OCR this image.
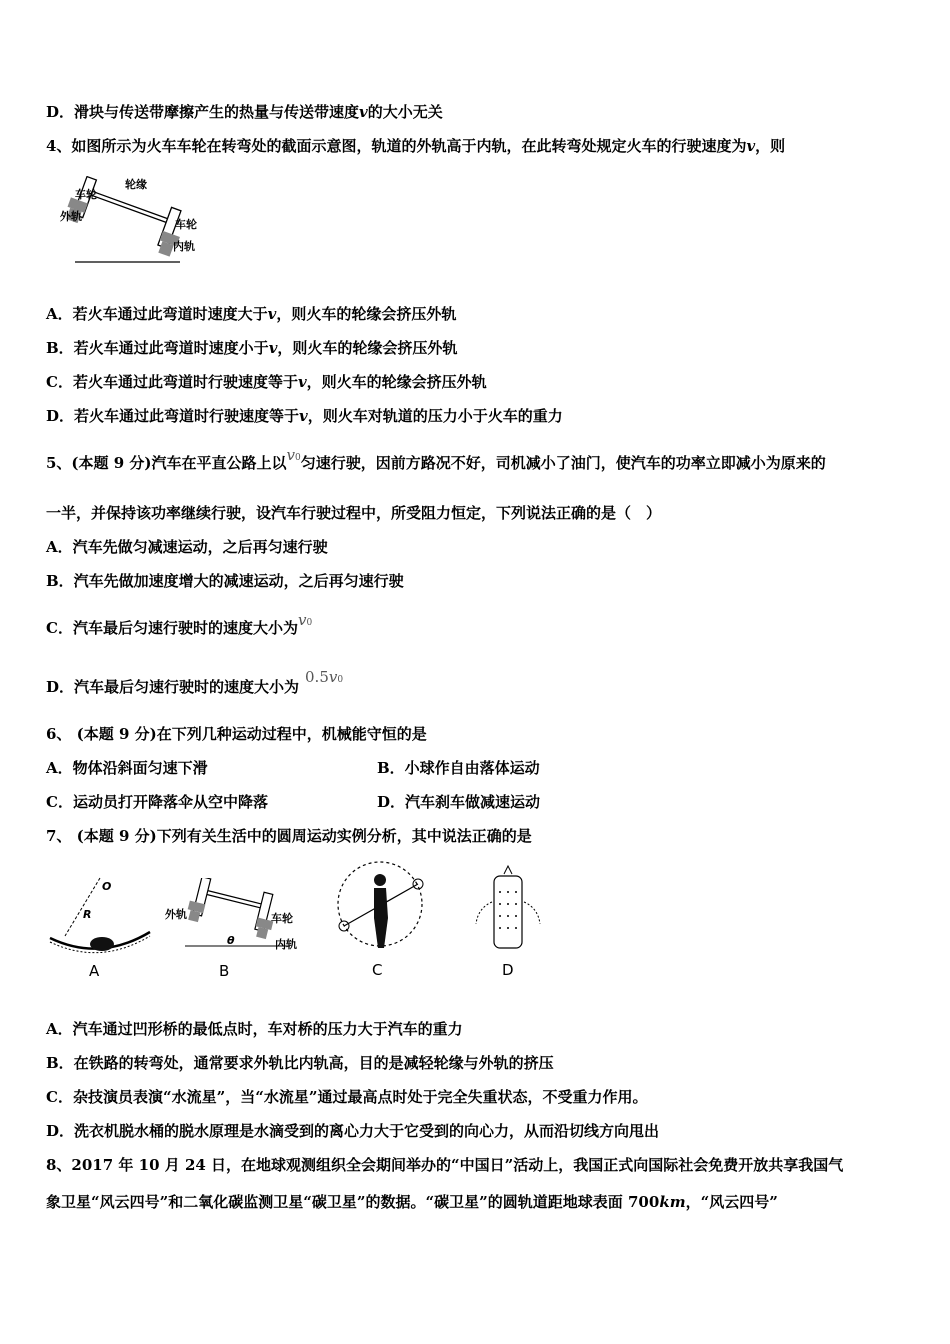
D．滑块与传送带摩擦产生的热量与传送带速度v的大小无关
4、如图所示为火车车轮在转弯处的截面示意图，轨道的外轨高于内轨，在此转弯处规定火车的行驶速度为v，则
车轮
轮缘
外轨
车轮
内轨
A．若火车通过此弯道时速度大于v，则火车的轮缘会挤压外轨
B．若火车通过此弯道时速度小于v，则火车的轮缘会挤压外轨
C．若火车通过此弯道时行驶速度等于v，则火车的轮缘会挤压外轨
D．若火车通过此弯道时行驶速度等于v，则火车对轨道的压力小于火车的重力
5、(本题 9 分)汽车在平直公路上以v0匀速行驶，因前方路况不好，司机减小了油门，使汽车的功率立即减小为原来的
一半，并保持该功率继续行驶，设汽车行驶过程中，所受阻力恒定，下列说法正确的是（　）
A．汽车先做匀减速运动，之后再匀速行驶
B．汽车先做加速度增大的减速运动，之后再匀速行驶
C．汽车最后匀速行驶时的速度大小为v0
D．汽车最后匀速行驶时的速度大小为0.5v0
6、 (本题 9 分)在下列几种运动过程中，机械能守恒的是
A．物体沿斜面匀速下滑	B．小球作自由落体运动
C．运动员打开降落伞从空中降落	D．汽车刹车做减速运动
7、 (本题 9 分)下列有关生活中的圆周运动实例分析，其中说法正确的是
O
R
A
外轨	车轮
内轨
θ
B	C	D
A．汽车通过凹形桥的最低点时，车对桥的压力大于汽车的重力
B．在铁路的转弯处，通常要求外轨比内轨高，目的是减轻轮缘与外轨的挤压
C．杂技演员表演“水流星”，当“水流星”通过最高点时处于完全失重状态，不受重力作用。
D．洗衣机脱水桶的脱水原理是水滴受到的离心力大于它受到的向心力，从而沿切线方向甩出
8、2017 年 10 月 24 日，在地球观测组织全会期间举办的“中国日”活动上，我国正式向国际社会免费开放共享我国气
象卫星“风云四号”和二氧化碳监测卫星“碳卫星”的数据。“碳卫星”的圆轨道距地球表面 700km，“风云四号”
